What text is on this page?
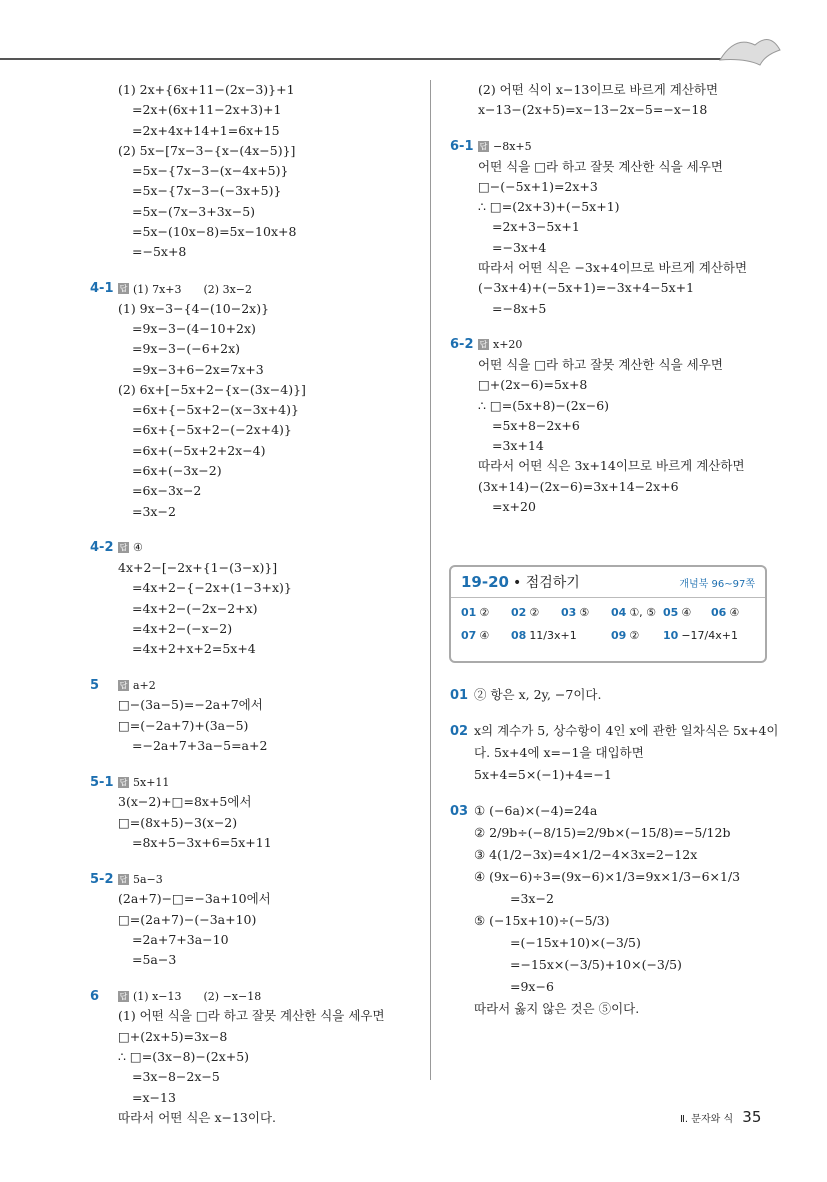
(1) 2x+{6x+11−(2x−3)}+1
=2x+(6x+11−2x+3)+1
=2x+4x+14+1=6x+15
(2) 5x−[7x−3−{x−(4x−5)}]
=5x−{7x−3−(x−4x+5)}
=5x−{7x−3−(−3x+5)}
=5x−(7x−3+3x−5)
=5x−(10x−8)=5x−10x+8
=−5x+8
4-1 답 (1) 7x+3　　(2) 3x−2
(1) 9x−3−{4−(10−2x)}
=9x−3−(4−10+2x)
=9x−3−(−6+2x)
=9x−3+6−2x=7x+3
(2) 6x+[−5x+2−{x−(3x−4)}]
=6x+{−5x+2−(x−3x+4)}
=6x+{−5x+2−(−2x+4)}
=6x+(−5x+2+2x−4)
=6x+(−3x−2)
=6x−3x−2
=3x−2
4-2 답 ④
4x+2−[−2x+{1−(3−x)}]
=4x+2−{−2x+(1−3+x)}
=4x+2−(−2x−2+x)
=4x+2−(−x−2)
=4x+2+x+2=5x+4
5	답 a+2
□−(3a−5)=−2a+7에서
□=(−2a+7)+(3a−5)
=−2a+7+3a−5=a+2
5-1 답 5x+11
3(x−2)+□=8x+5에서
□=(8x+5)−3(x−2)
=8x+5−3x+6=5x+11
5-2 답 5a−3
(2a+7)−□=−3a+10에서
□=(2a+7)−(−3a+10)
=2a+7+3a−10
=5a−3
6	답 (1) x−13　　(2) −x−18
(1) 어떤 식을 □라 하고 잘못 계산한 식을 세우면
□+(2x+5)=3x−8
∴ □=(3x−8)−(2x+5)
=3x−8−2x−5
=x−13
따라서 어떤 식은 x−13이다.
(2) 어떤 식이 x−13이므로 바르게 계산하면
x−13−(2x+5)=x−13−2x−5=−x−18
6-1 답 −8x+5
어떤 식을 □라 하고 잘못 계산한 식을 세우면
□−(−5x+1)=2x+3
∴ □=(2x+3)+(−5x+1)
=2x+3−5x+1
=−3x+4
따라서 어떤 식은 −3x+4이므로 바르게 계산하면
(−3x+4)+(−5x+1)=−3x+4−5x+1
=−8x+5
6-2 답 x+20
어떤 식을 □라 하고 잘못 계산한 식을 세우면
□+(2x−6)=5x+8
∴ □=(5x+8)−(2x−6)
=5x+8−2x+6
=3x+14
따라서 어떤 식은 3x+14이므로 바르게 계산하면
(3x+14)−(2x−6)=3x+14−2x+6
=x+20
19-20 • 점검하기	개념북 96~97쪽
01 ②	02 ②	03 ⑤	04 ①, ⑤ 05 ④	06 ④
07 ④	08 11/3x+1	09 ②	10 −17/4x+1
01 ② 항은 x, 2y, −7이다.
02 x의 계수가 5, 상수항이 4인 x에 관한 일차식은 5x+4이
다. 5x+4에 x=−1을 대입하면
5x+4=5×(−1)+4=−1
03 ① (−6a)×(−4)=24a
② 2/9b÷(−8/15)=2/9b×(−15/8)=−5/12b
③ 4(1/2−3x)=4×1/2−4×3x=2−12x
④ (9x−6)÷3=(9x−6)×1/3=9x×1/3−6×1/3
=3x−2
⑤ (−15x+10)÷(−5/3)
=(−15x+10)×(−3/5)
=−15x×(−3/5)+10×(−3/5)
=9x−6
따라서 옳지 않은 것은 ⑤이다.
Ⅱ. 문자와 식 35
